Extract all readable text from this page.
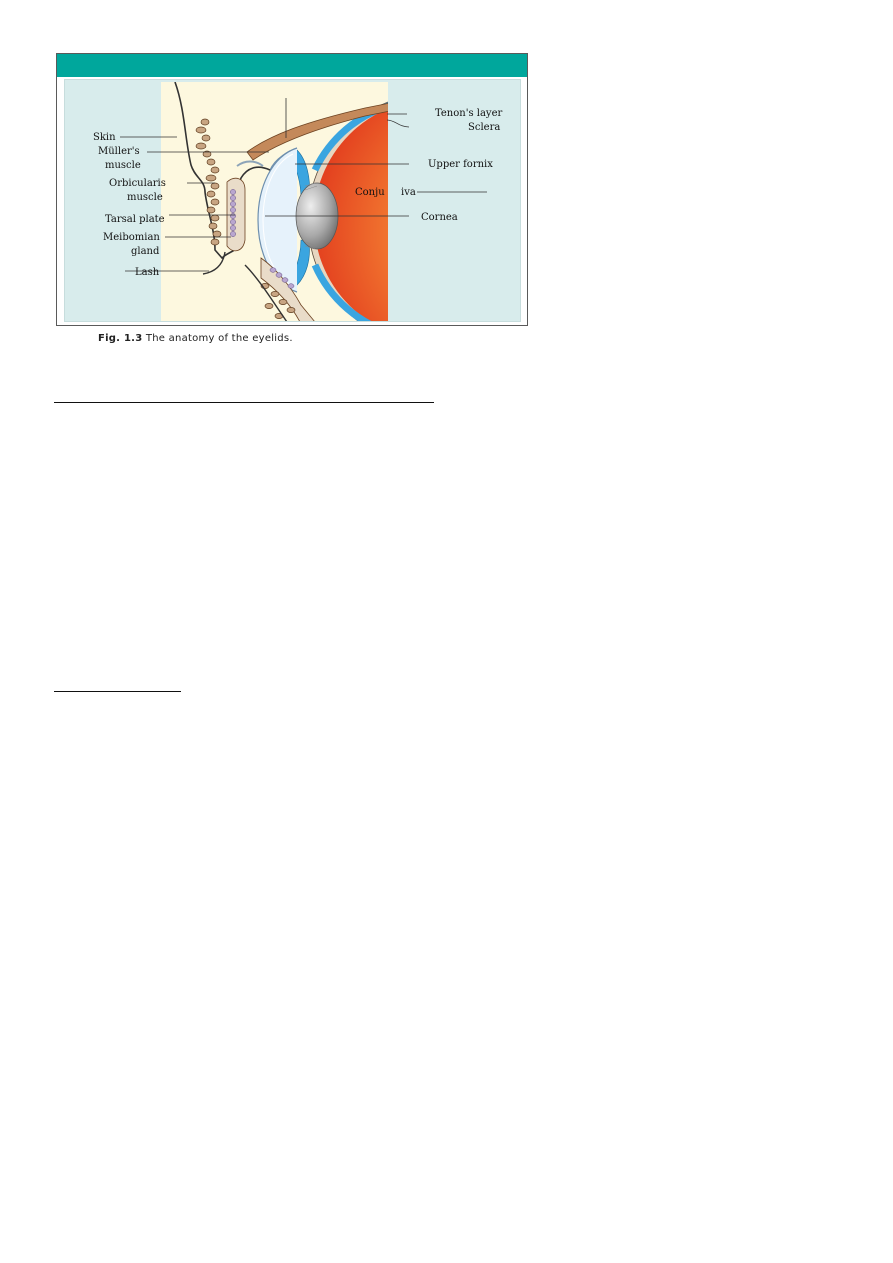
Skin
Müller's
muscle
Orbicularis
muscle
Tarsal plate
Meibomian
gland
Lash
Tenon's layer
Sclera
Upper fornix
Conju iva
Cornea
Fig. 1.3 The anatomy of the eyelids.
